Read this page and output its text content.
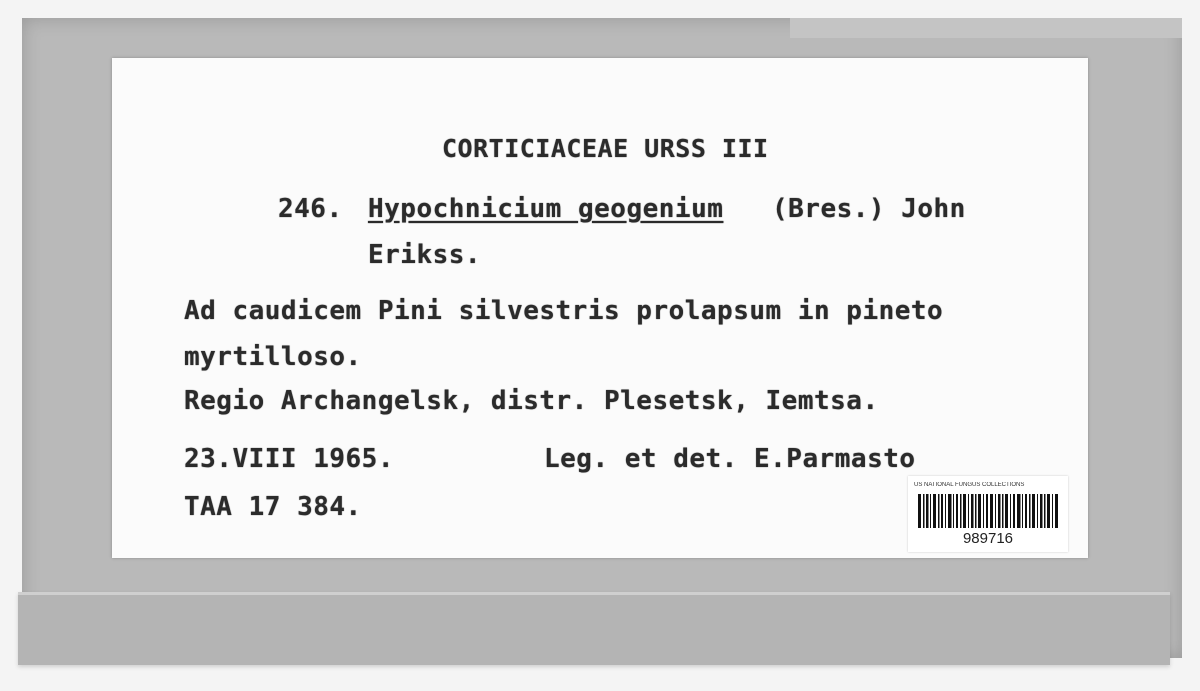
CORTICIACEAE URSS III
246. Hypochnicium geogenium (Bres.) John
Erikss.
Ad caudicem Pini silvestris prolapsum in pineto
myrtilloso.
Regio Archangelsk, distr. Plesetsk, Iemtsa.
23.VIII 1965.	Leg. et det. E.Parmasto
TAA 17 384.
US NATIONAL FUNGUS COLLECTIONS
989716
